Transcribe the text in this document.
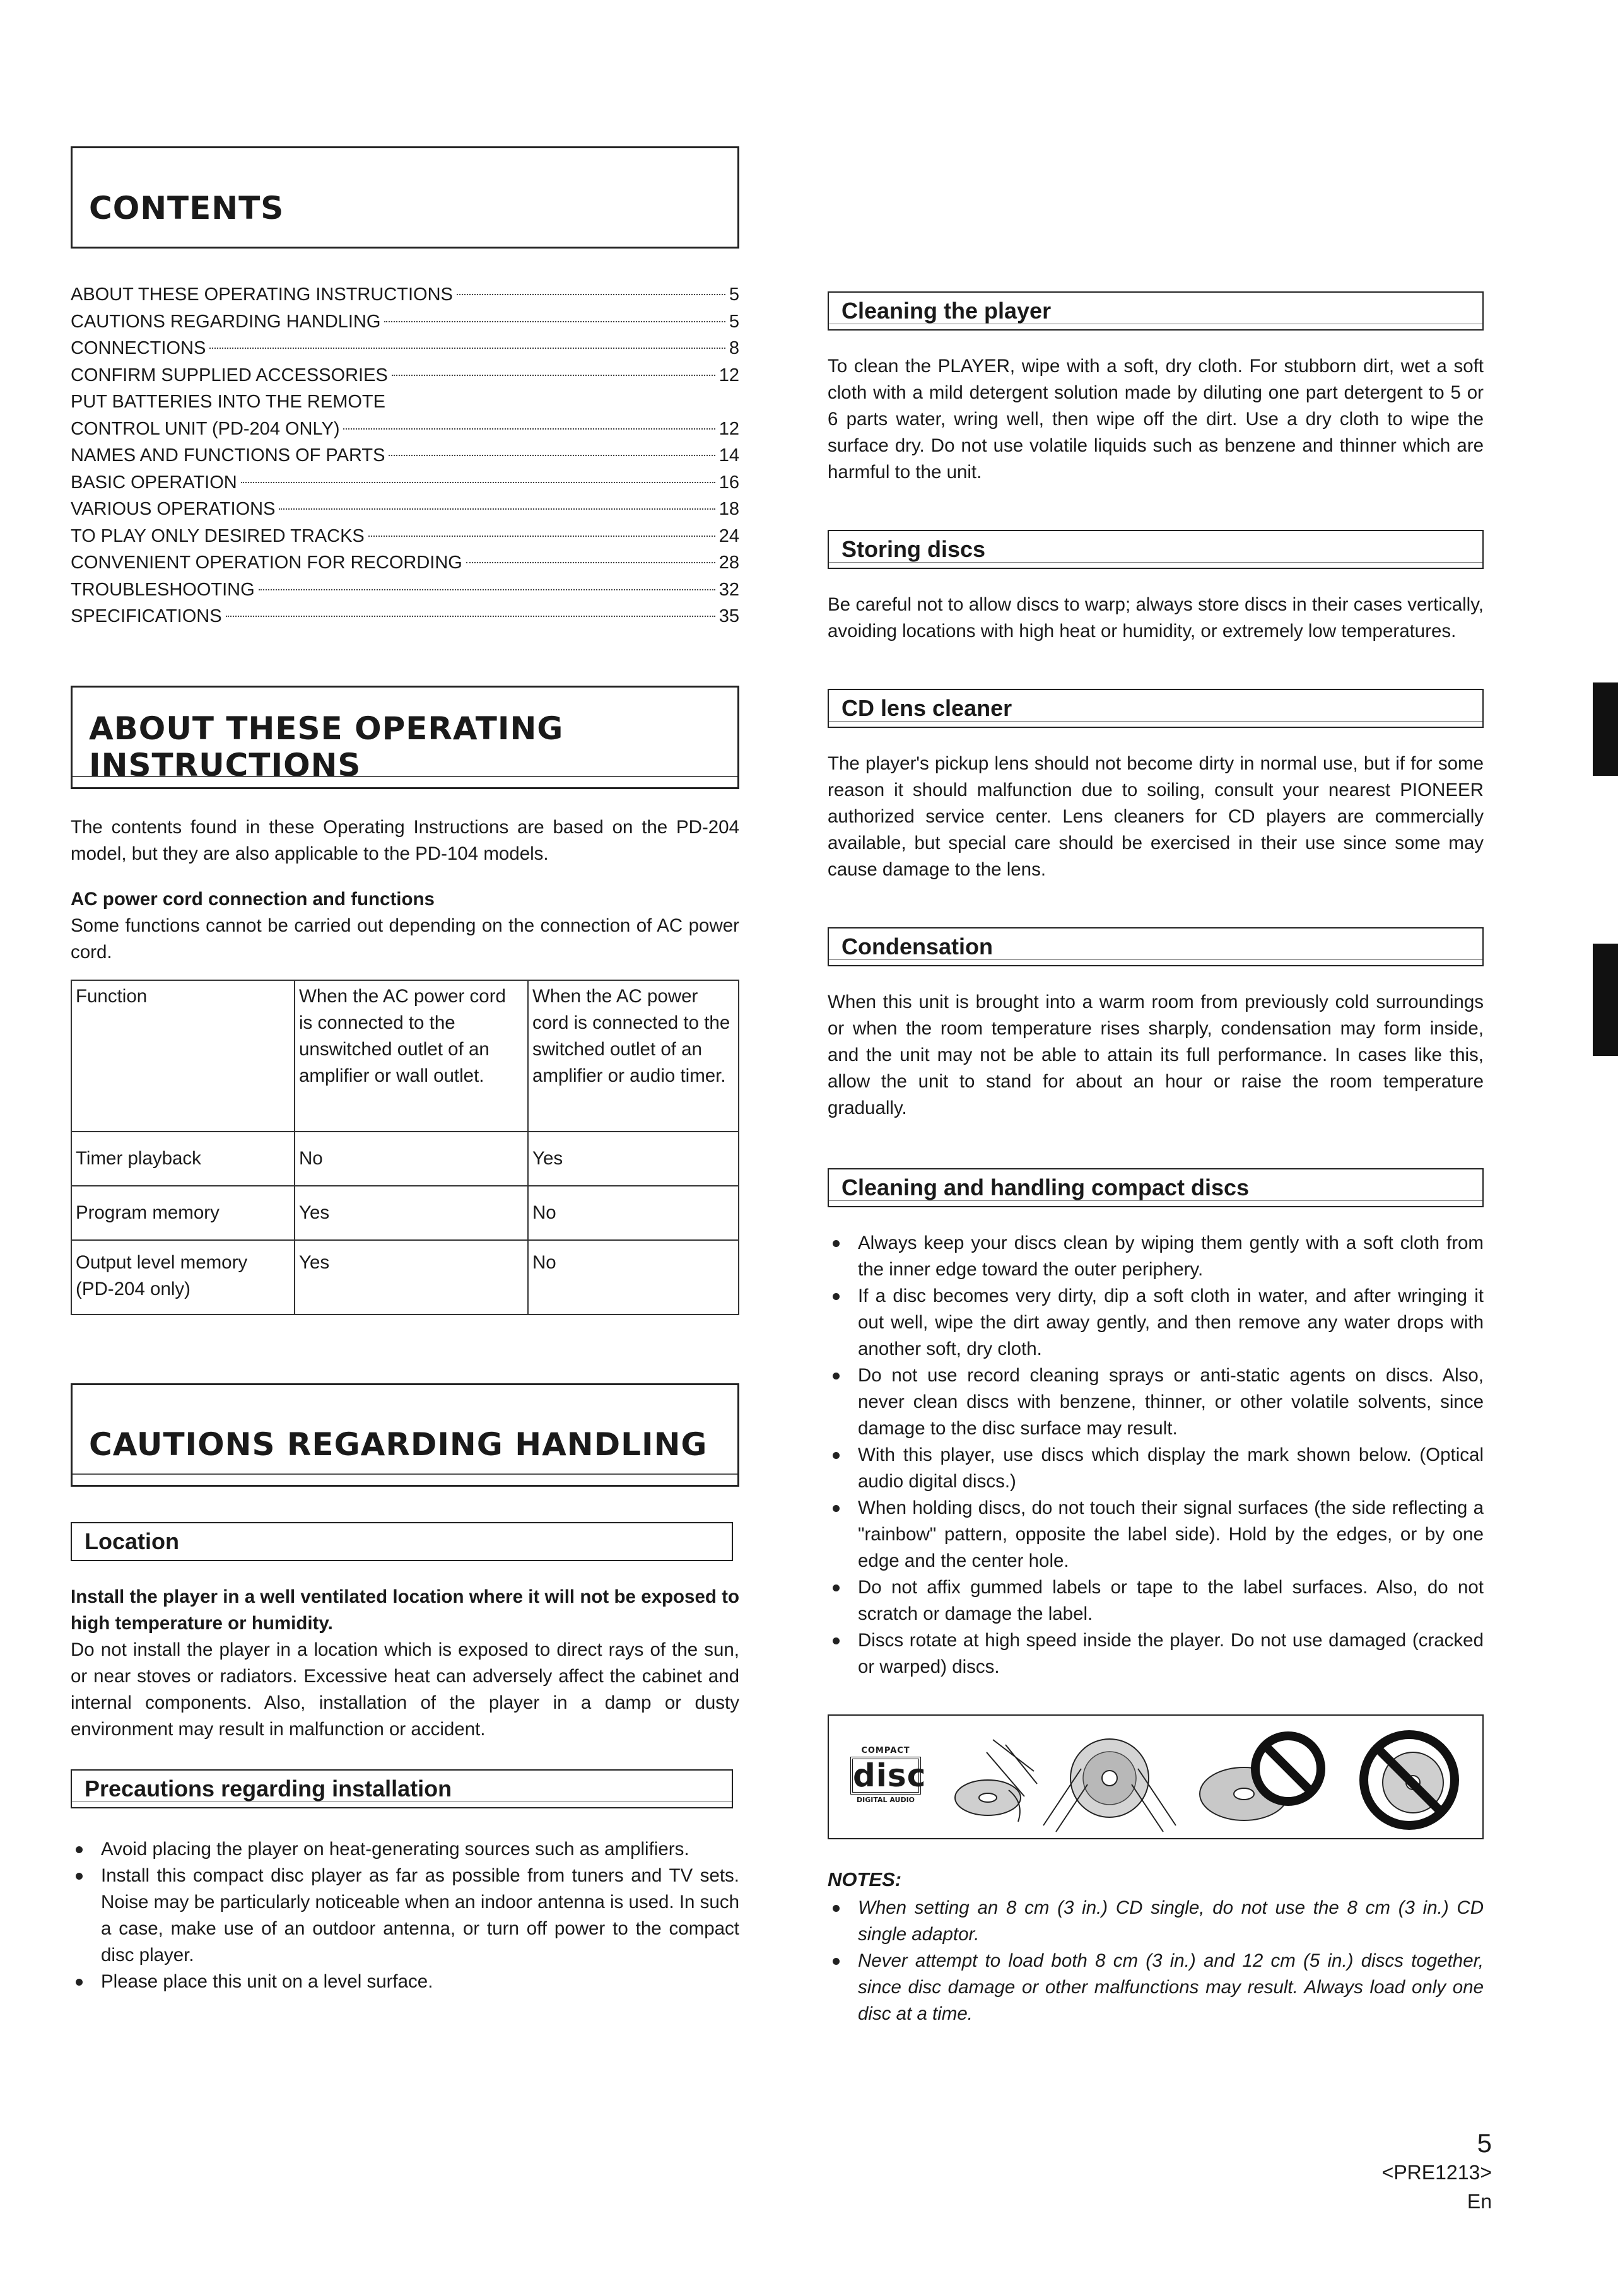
CONTENTS
ABOUT THESE OPERATING INSTRUCTIONS	5
CAUTIONS REGARDING HANDLING	5
CONNECTIONS	8
CONFIRM SUPPLIED ACCESSORIES	12
PUT BATTERIES INTO THE REMOTE
CONTROL UNIT (PD-204 ONLY)	12
NAMES AND FUNCTIONS OF PARTS	14
BASIC OPERATION	16
VARIOUS OPERATIONS	18
TO PLAY ONLY DESIRED TRACKS	24
CONVENIENT OPERATION FOR RECORDING	28
TROUBLESHOOTING	32
SPECIFICATIONS	35
ABOUT THESE OPERATING INSTRUCTIONS

The contents found in these Operating Instructions are based on the PD-204 model, but they are also applicable to the PD-104 models.

AC power cord connection and functions

Some functions cannot be carried out depending on the connection of AC power cord.

Function	When the AC power cord is connected to the unswitched outlet of an amplifier or wall outlet.	When the AC power cord is connected to the switched outlet of an amplifier or audio timer.
Timer playback	No	Yes
Program memory	Yes	No
Output level memory (PD-204 only)	Yes	No
CAUTIONS REGARDING HANDLING
Location

Install the player in a well ventilated location where it will not be exposed to high temperature or humidity.

Do not install the player in a location which is exposed to direct rays of the sun, or near stoves or radiators. Excessive heat can adversely affect the cabinet and internal components. Also, installation of the player in a damp or dusty environment may result in malfunction or accident.

Precautions regarding installation
Avoid placing the player on heat-generating sources such as amplifiers.
Install this compact disc player as far as possible from tuners and TV sets. Noise may be particularly noticeable when an indoor antenna is used. In such a case, make use of an outdoor antenna, or turn off power to the compact disc player.
Please place this unit on a level surface.
Cleaning the player

To clean the PLAYER, wipe with a soft, dry cloth. For stubborn dirt, wet a soft cloth with a mild detergent solution made by diluting one part detergent to 5 or 6 parts water, wring well, then wipe off the dirt. Use a dry cloth to wipe the surface dry. Do not use volatile liquids such as benzene and thinner which are harmful to the unit.

Storing discs

Be careful not to allow discs to warp; always store discs in their cases vertically, avoiding locations with high heat or humidity, or extremely low temperatures.

CD lens cleaner

The player's pickup lens should not become dirty in normal use, but if for some reason it should malfunction due to soiling, consult your nearest PIONEER authorized service center. Lens cleaners for CD players are commercially available, but special care should be exercised in their use since some may cause damage to the lens.

Condensation

When this unit is brought into a warm room from previously cold surroundings or when the room temperature rises sharply, condensation may form inside, and the unit may not be able to attain its full performance. In cases like this, allow the unit to stand for about an hour or raise the room temperature gradually.

Cleaning and handling compact discs
Always keep your discs clean by wiping them gently with a soft cloth from the inner edge toward the outer periphery.
If a disc becomes very dirty, dip a soft cloth in water, and after wringing it out well, wipe the dirt away gently, and then remove any water drops with another soft, dry cloth.
Do not use record cleaning sprays or anti-static agents on discs. Also, never clean discs with benzene, thinner, or other volatile solvents, since damage to the disc surface may result.
With this player, use discs which display the mark shown below. (Optical audio digital discs.)
When holding discs, do not touch their signal surfaces (the side reflecting a "rainbow" pattern, opposite the label side). Hold by the edges, or by one edge and the center hole.
Do not affix gummed labels or tape to the label surfaces. Also, do not scratch or damage the label.
Discs rotate at high speed inside the player. Do not use damaged (cracked or warped) discs.
COMPACT
disc
DIGITAL AUDIO
NOTES:
When setting an 8 cm (3 in.) CD single, do not use the 8 cm (3 in.) CD single adaptor.
Never attempt to load both 8 cm (3 in.) and 12 cm (5 in.) discs together, since disc damage or other malfunctions may result. Always load only one disc at a time.
5
<PRE1213>
En
